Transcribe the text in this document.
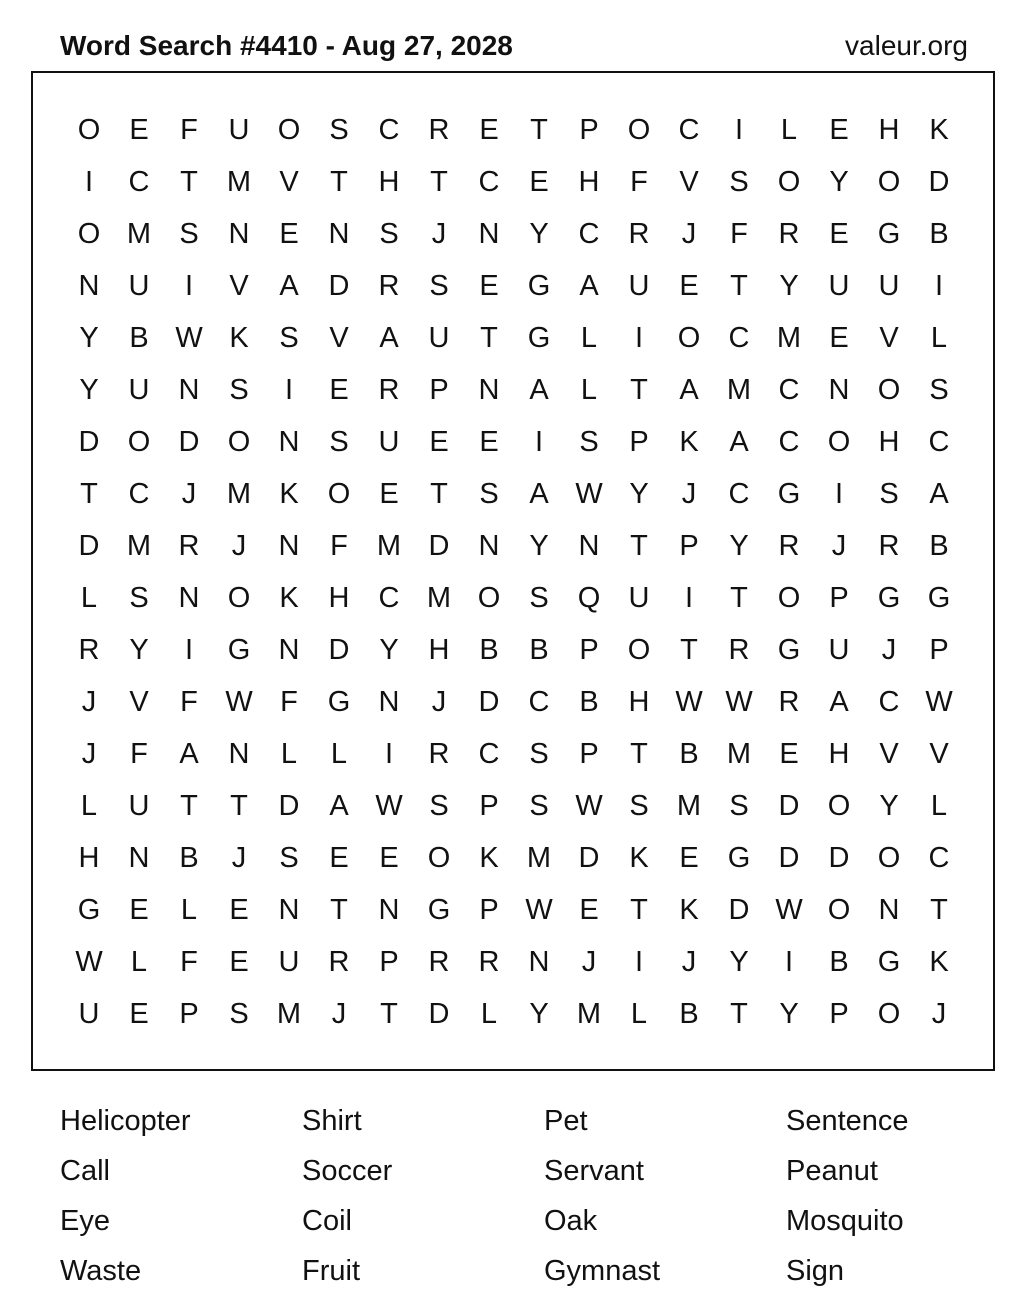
Word Search #4410 - Aug 27, 2028	valeur.org
O	E	F	U O	S	C	R	E	T	P	O C	I	L	E	H	K
I	C	T	M V	T	H	T	C	E	H	F	V	S	O	Y	O D
O M S	N	E	N	S	J	N	Y	C	R	J	F	R	E	G	B
N	U	I	V	A	D	R	S	E	G	A	U	E	T	Y	U	U	I
Y	B W K	S	V	A	U	T	G	L	I	O C M E	V	L
Y	U	N	S	I	E	R	P	N	A	L	T	A M C	N O	S
D O D O N	S	U	E	E	I	S	P	K	A	C O H	C
T	C	J	M K	O	E	T	S	A W Y	J	C G	I	S	A
D M R	J	N	F	M D	N	Y	N	T	P	Y	R	J	R	B
L	S	N O	K	H	C M O	S	Q U	I	T	O	P	G G
R	Y	I	G N	D	Y	H	B	B	P	O	T	R G U	J	P
J	V	F W F	G N	J	D	C	B	H W W R	A	C W
J	F	A	N	L	L	I	R	C	S	P	T	B M E	H	V	V
L	U	T	T	D	A W S	P	S W S M S	D O	Y	L
H	N	B	J	S	E	E	O	K M D	K	E	G D	D O C
G	E	L	E	N	T	N G	P W E	T	K	D W O N	T
W L	F	E	U	R	P	R	R	N	J	I	J	Y	I	B	G	K
U	E	P	S M	J	T	D	L	Y M	L	B	T	Y	P	O	J
Helicopter
Call
Eye
Waste
Shirt
Soccer
Coil
Fruit
Pet
Servant
Oak
Gymnast
Sentence
Peanut
Mosquito
Sign
